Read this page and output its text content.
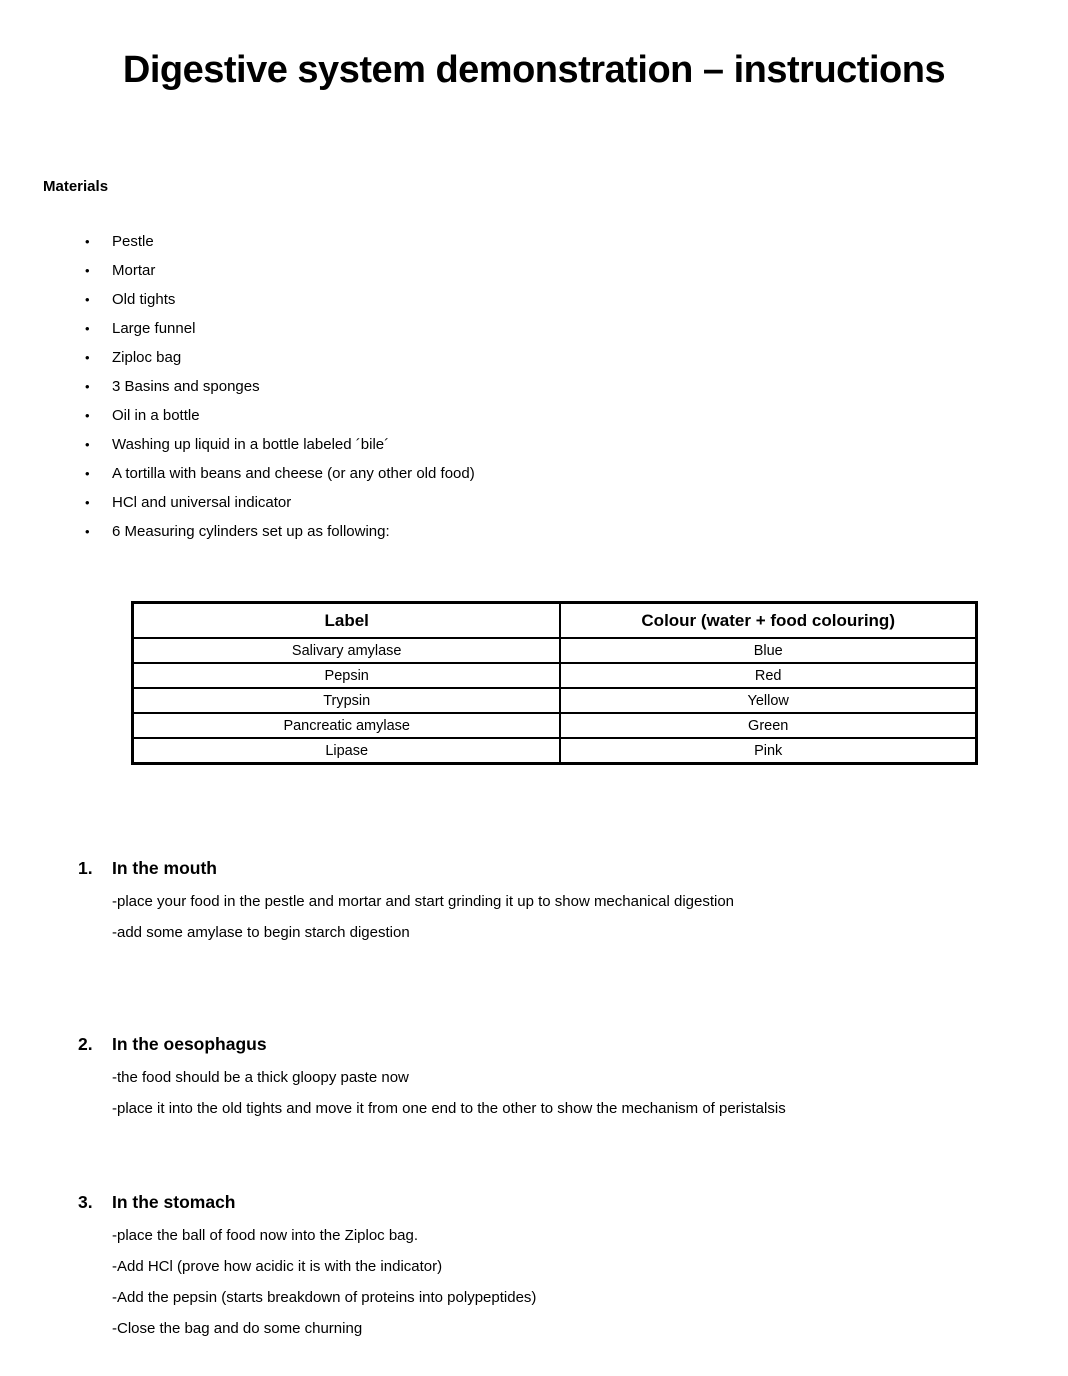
Digestive system demonstration – instructions
Materials
• Pestle
• Mortar
• Old tights
• Large funnel
• Ziploc bag
• 3 Basins and sponges
• Oil in a bottle
• Washing up liquid in a bottle labeled ´bile´
• A tortilla with beans and cheese (or any other old food)
• HCl and universal indicator
• 6 Measuring cylinders set up as following:
Label	Colour (water + food colouring)
Salivary amylase	Blue
Pepsin	Red
Trypsin	Yellow
Pancreatic amylase	Green
Lipase	Pink
1.	In the mouth

-place your food in the pestle and mortar and start grinding it up to show mechanical digestion

-add some amylase to begin starch digestion

2.	In the oesophagus

-the food should be a thick gloopy paste now

-place it into the old tights and move it from one end to the other to show the mechanism of peristalsis

3.	In the stomach

-place the ball of food now into the Ziploc bag.

-Add HCl (prove how acidic it is with the indicator)

-Add the pepsin (starts breakdown of proteins into polypeptides)

-Close the bag and do some churning
